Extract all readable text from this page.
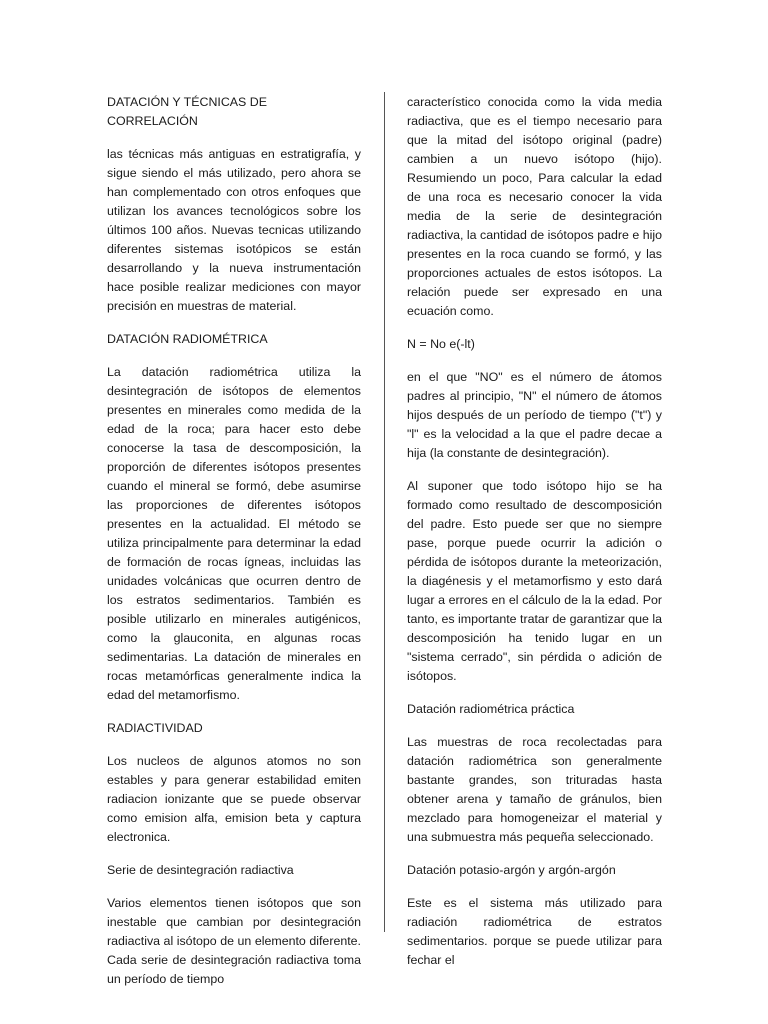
DATACIÓN Y TÉCNICAS DE CORRELACIÓN

las técnicas más antiguas en estratigrafía, y sigue siendo el más utilizado, pero ahora se han complementado con otros enfoques que utilizan los avances tecnológicos sobre los últimos 100 años. Nuevas tecnicas utilizando diferentes sistemas isotópicos se están desarrollando y la nueva instrumentación hace posible realizar mediciones con mayor precisión en muestras de material.

DATACIÓN RADIOMÉTRICA

La datación radiométrica utiliza la desintegración de isótopos de elementos presentes en minerales como medida de la edad de la roca; para hacer esto debe conocerse la tasa de descomposición, la proporción de diferentes isótopos presentes cuando el mineral se formó, debe asumirse las proporciones de diferentes isótopos presentes en la actualidad. El método se utiliza principalmente para determinar la edad de formación de rocas ígneas, incluidas las unidades volcánicas que ocurren dentro de los estratos sedimentarios. También es posible utilizarlo en minerales autigénicos, como la glauconita, en algunas rocas sedimentarias. La datación de minerales en rocas metamórficas generalmente indica la edad del metamorfismo.

RADIACTIVIDAD

Los nucleos de algunos atomos no son estables y para generar estabilidad emiten radiacion ionizante que se puede observar como emision alfa, emision beta y captura electronica.

Serie de desintegración radiactiva

Varios elementos tienen isótopos que son inestable que cambian por desintegración radiactiva al isótopo de un elemento diferente. Cada serie de desintegración radiactiva toma un período de tiempo

característico conocida como la vida media radiactiva, que es el tiempo necesario para que la mitad del isótopo original (padre) cambien a un nuevo isótopo (hijo). Resumiendo un poco, Para calcular la edad de una roca es necesario conocer la vida media de la serie de desintegración radiactiva, la cantidad de isótopos padre e hijo presentes en la roca cuando se formó, y las proporciones actuales de estos isótopos. La relación puede ser expresado en una ecuación como.

N = No e(-lt)

en el que "NO" es el número de átomos padres al principio, "N" el número de átomos hijos después de un período de tiempo ("t") y "l" es la velocidad a la que el padre decae a hija (la constante de desintegración).

Al suponer que todo isótopo hijo se ha formado como resultado de descomposición del padre. Esto puede ser que no siempre pase, porque puede ocurrir la adición o pérdida de isótopos durante la meteorización, la diagénesis y el metamorfismo y esto dará lugar a errores en el cálculo de la la edad. Por tanto, es importante tratar de garantizar que la descomposición ha tenido lugar en un "sistema cerrado", sin pérdida o adición de isótopos.

Datación radiométrica práctica

Las muestras de roca recolectadas para datación radiométrica son generalmente bastante grandes, son trituradas hasta obtener arena y tamaño de gránulos, bien mezclado para homogeneizar el material y una submuestra más pequeña seleccionado.

Datación potasio-argón y argón-argón

Este es el sistema más utilizado para radiación radiométrica de estratos sedimentarios. porque se puede utilizar para fechar el
